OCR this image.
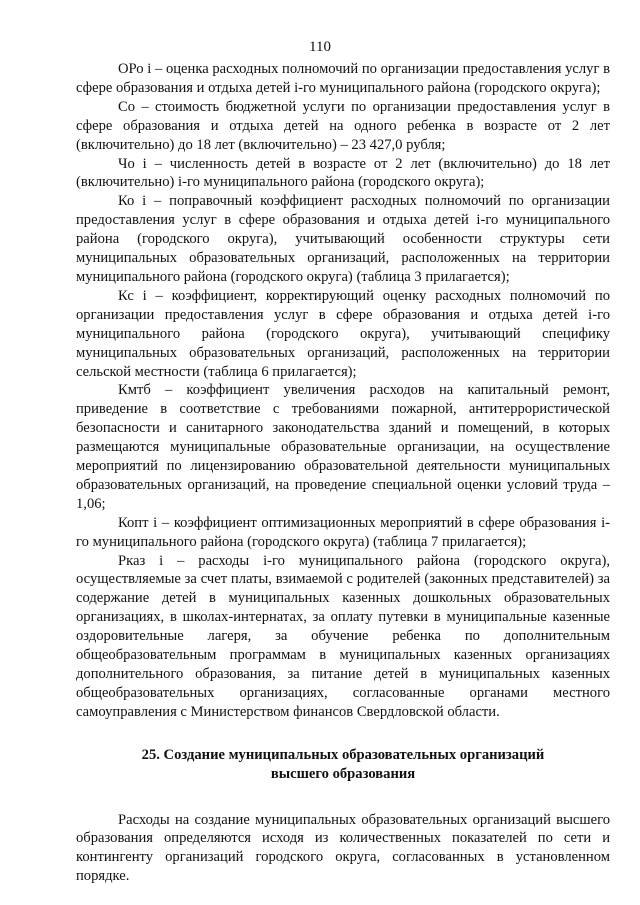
110

ОРо i – оценка расходных полномочий по организации предоставления услуг в сфере образования и отдыха детей i-го муниципального района (городского округа);

Со – стоимость бюджетной услуги по организации предоставления услуг в сфере образования и отдыха детей на одного ребенка в возрасте от 2 лет (включительно) до 18 лет (включительно) – 23 427,0 рубля;

Чо i – численность детей в возрасте от 2 лет (включительно) до 18 лет (включительно) i-го муниципального района (городского округа);

Ко i – поправочный коэффициент расходных полномочий по организации предоставления услуг в сфере образования и отдыха детей i-го муниципального района (городского округа), учитывающий особенности структуры сети муниципальных образовательных организаций, расположенных на территории муниципального района (городского округа) (таблица 3 прилагается);

Кс i – коэффициент, корректирующий оценку расходных полномочий по организации предоставления услуг в сфере образования и отдыха детей i-го муниципального района (городского округа), учитывающий специфику муниципальных образовательных организаций, расположенных на территории сельской местности (таблица 6 прилагается);

Кмтб – коэффициент увеличения расходов на капитальный ремонт, приведение в соответствие с требованиями пожарной, антитеррористической безопасности и санитарного законодательства зданий и помещений, в которых размещаются муниципальные образовательные организации, на осуществление мероприятий по лицензированию образовательной деятельности муниципальных образовательных организаций, на проведение специальной оценки условий труда – 1,06;

Копт i – коэффициент оптимизационных мероприятий в сфере образования i-го муниципального района (городского округа) (таблица 7 прилагается);

Рказ i – расходы i-го муниципального района (городского округа), осуществляемые за счет платы, взимаемой с родителей (законных представителей) за содержание детей в муниципальных казенных дошкольных образовательных организациях, в школах-интернатах, за оплату путевки в муниципальные казенные оздоровительные лагеря, за обучение ребенка по дополнительным общеобразовательным программам в муниципальных казенных организациях дополнительного образования, за питание детей в муниципальных казенных общеобразовательных организациях, согласованные органами местного самоуправления с Министерством финансов Свердловской области.

25. Создание муниципальных образовательных организаций
высшего образования

Расходы на создание муниципальных образовательных организаций высшего образования определяются исходя из количественных показателей по сети и контингенту организаций городского округа, согласованных в установленном порядке.
